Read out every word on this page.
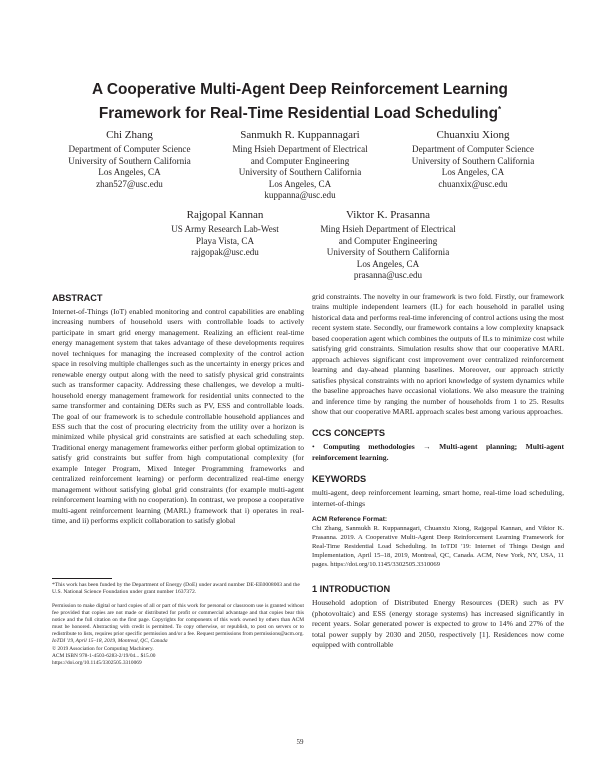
A Cooperative Multi-Agent Deep Reinforcement Learning
Framework for Real-Time Residential Load Scheduling*
Chi Zhang
Department of Computer Science
University of Southern California
Los Angeles, CA
zhan527@usc.edu
Sanmukh R. Kuppannagari
Ming Hsieh Department of Electrical
and Computer Engineering
University of Southern California
Los Angeles, CA
kuppanna@usc.edu
Chuanxiu Xiong
Department of Computer Science
University of Southern California
Los Angeles, CA
chuanxix@usc.edu
Rajgopal Kannan
US Army Research Lab-West
Playa Vista, CA
rajgopak@usc.edu
Viktor K. Prasanna
Ming Hsieh Department of Electrical
and Computer Engineering
University of Southern California
Los Angeles, CA
prasanna@usc.edu
ABSTRACT

Internet-of-Things (IoT) enabled monitoring and control capabilities are enabling increasing numbers of household users with controllable loads to actively participate in smart grid energy management. Realizing an efficient real-time energy management system that takes advantage of these developments requires novel techniques for managing the increased complexity of the control action space in resolving multiple challenges such as the uncertainty in energy prices and renewable energy output along with the need to satisfy physical grid constraints such as transformer capacity. Addressing these challenges, we develop a multi-household energy management framework for residential units connected to the same transformer and containing DERs such as PV, ESS and controllable loads. The goal of our framework is to schedule controllable household appliances and ESS such that the cost of procuring electricity from the utility over a horizon is minimized while physical grid constraints are satisfied at each scheduling step. Traditional energy management frameworks either perform global optimization to satisfy grid constraints but suffer from high computational complexity (for example Integer Program, Mixed Integer Programming frameworks and centralized reinforcement learning) or perform decentralized real-time energy management without satisfying global grid constraints (for example multi-agent reinforcement learning with no cooperation). In contrast, we propose a cooperative multi-agent reinforcement learning (MARL) framework that i) operates in real-time, and ii) performs explicit collaboration to satisfy global

*This work has been funded by the Department of Energy (DoE) under award number DE-EE0008003 and the U.S. National Science Foundation under grant number 1637372.
Permission to make digital or hard copies of all or part of this work for personal or classroom use is granted without fee provided that copies are not made or distributed for profit or commercial advantage and that copies bear this notice and the full citation on the first page. Copyrights for components of this work owned by others than ACM must be honored. Abstracting with credit is permitted. To copy otherwise, or republish, to post on servers or to redistribute to lists, requires prior specific permission and/or a fee. Request permissions from permissions@acm.org.
IoTDI '19, April 15–18, 2019, Montreal, QC, Canada
© 2019 Association for Computing Machinery.
ACM ISBN 978-1-4503-6283-2/19/04... $15.00
https://doi.org/10.1145/3302505.3310069

grid constraints. The novelty in our framework is two fold. Firstly, our framework trains multiple independent learners (IL) for each household in parallel using historical data and performs real-time inferencing of control actions using the most recent system state. Secondly, our framework contains a low complexity knapsack based cooperation agent which combines the outputs of ILs to minimize cost while satisfying grid constraints. Simulation results show that our cooperative MARL approach achieves significant cost improvement over centralized reinforcement learning and day-ahead planning baselines. Moreover, our approach strictly satisfies physical constraints with no apriori knowledge of system dynamics while the baseline approaches have occasional violations. We also measure the training and inference time by ranging the number of households from 1 to 25. Results show that our cooperative MARL approach scales best among various approaches.

CCS CONCEPTS

• Computing methodologies → Multi-agent planning; Multi-agent reinforcement learning.

KEYWORDS

multi-agent, deep reinforcement learning, smart home, real-time load scheduling, internet-of-things

ACM Reference Format:

Chi Zhang, Sanmukh R. Kuppannagari, Chuanxiu Xiong, Rajgopal Kannan, and Viktor K. Prasanna. 2019. A Cooperative Multi-Agent Deep Reinforcement Learning Framework for Real-Time Residential Load Scheduling. In IoTDI '19: Internet of Things Design and Implementation, April 15–18, 2019, Montreal, QC, Canada. ACM, New York, NY, USA, 11 pages. https://doi.org/10.1145/3302505.3310069

1 INTRODUCTION

Household adoption of Distributed Energy Resources (DER) such as PV (photovoltaic) and ESS (energy storage systems) has increased significantly in recent years. Solar generated power is expected to grow to 14% and 27% of the total power supply by 2030 and 2050, respectively [1]. Residences now come equipped with controllable

59
